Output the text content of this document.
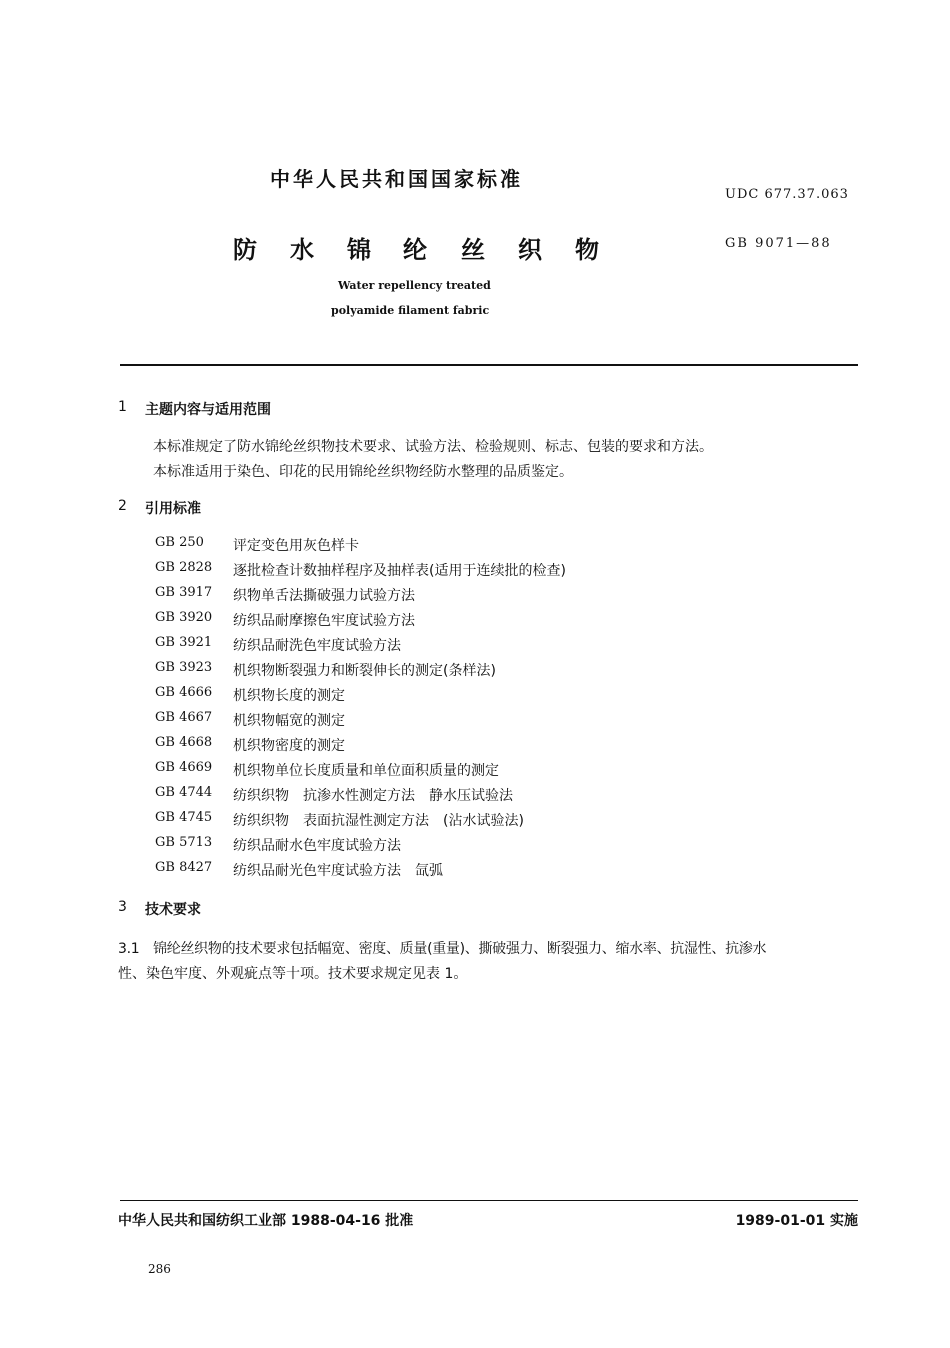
中华人民共和国国家标准
UDC 677.37.063
防 水 锦 纶 丝 织 物	GB 9071—88
Water repellency treated
polyamide filament fabric
1 主题内容与适用范围
本标准规定了防水锦纶丝织物技术要求、试验方法、检验规则、标志、包装的要求和方法。
本标准适用于染色、印花的民用锦纶丝织物经防水整理的品质鉴定。
2 引用标准
GB 250 评定变色用灰色样卡
GB 2828 逐批检查计数抽样程序及抽样表(适用于连续批的检查)
GB 3917 织物单舌法撕破强力试验方法
GB 3920 纺织品耐摩擦色牢度试验方法
GB 3921 纺织品耐洗色牢度试验方法
GB 3923 机织物断裂强力和断裂伸长的测定(条样法)
GB 4666 机织物长度的测定
GB 4667 机织物幅宽的测定
GB 4668 机织物密度的测定
GB 4669 机织物单位长度质量和单位面积质量的测定
GB 4744 纺织织物　抗渗水性测定方法　静水压试验法
GB 4745 纺织织物　表面抗湿性测定方法　(沾水试验法)
GB 5713 纺织品耐水色牢度试验方法
GB 8427 纺织品耐光色牢度试验方法　氙弧
3 技术要求
3.1　锦纶丝织物的技术要求包括幅宽、密度、质量(重量)、撕破强力、断裂强力、缩水率、抗湿性、抗渗水
性、染色牢度、外观疵点等十项。技术要求规定见表 1。
中华人民共和国纺织工业部 1988-04-16 批准	1989-01-01 实施
286
